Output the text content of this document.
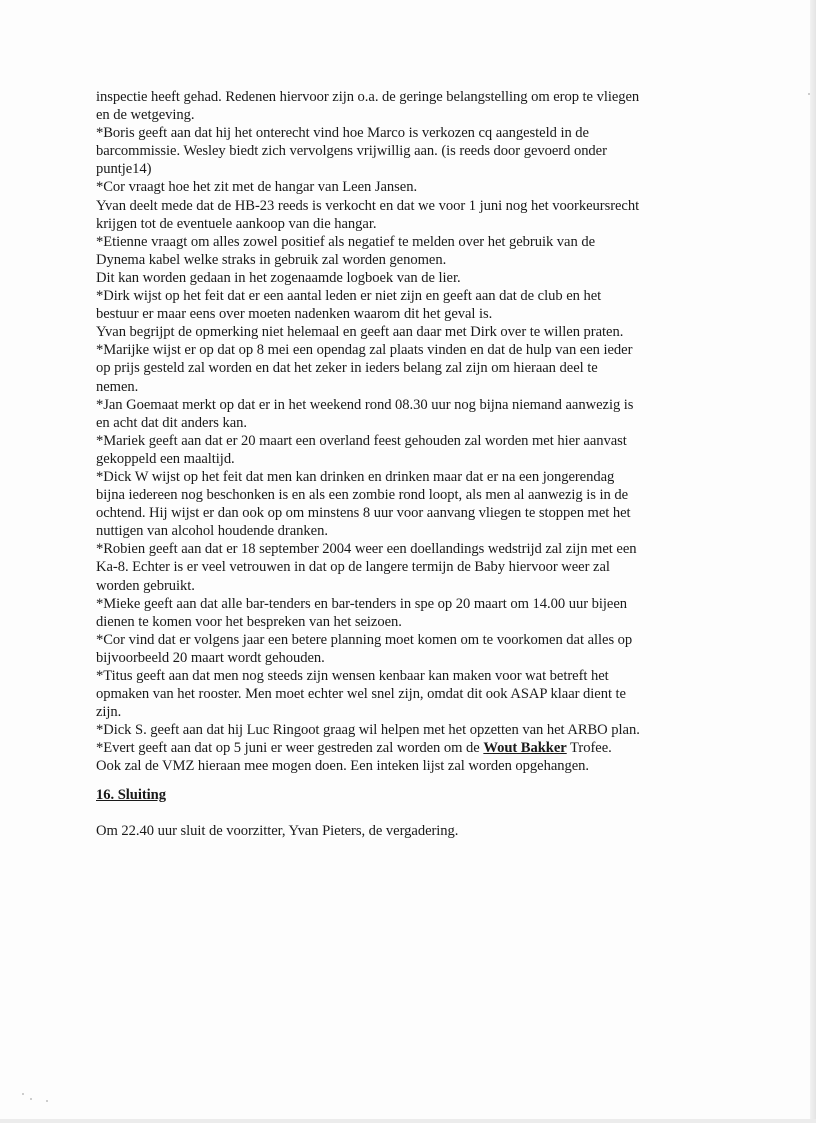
inspectie heeft gehad. Redenen hiervoor zijn o.a. de geringe belangstelling om erop te vliegen
en de wetgeving.
*Boris geeft aan dat hij het onterecht vind hoe Marco is verkozen cq aangesteld in de
barcommissie. Wesley biedt zich vervolgens vrijwillig aan. (is reeds door gevoerd onder
puntje14)
*Cor vraagt hoe het zit met de hangar van Leen Jansen.
Yvan deelt mede dat de HB-23 reeds is verkocht en dat we voor 1 juni nog het voorkeursrecht
krijgen tot de eventuele aankoop van die hangar.
*Etienne vraagt om alles zowel positief als negatief te melden over het gebruik van de
Dynema kabel welke straks in gebruik zal worden genomen.
Dit kan worden gedaan in het zogenaamde logboek van de lier.
*Dirk wijst op het feit dat er een aantal leden er niet zijn en geeft aan dat de club en het
bestuur er maar eens over moeten nadenken waarom dit het geval is.
Yvan begrijpt de opmerking niet helemaal en geeft aan daar met Dirk over te willen praten.
*Marijke wijst er op dat op 8 mei een opendag zal plaats vinden en dat de hulp van een ieder
op prijs gesteld zal worden en dat het zeker in ieders belang zal zijn om hieraan deel te
nemen.
*Jan Goemaat merkt op dat er in het weekend rond 08.30 uur nog bijna niemand aanwezig is
en acht dat dit anders kan.
*Mariek geeft aan dat er 20 maart een overland feest gehouden zal worden met hier aanvast
gekoppeld een maaltijd.
*Dick W wijst op het feit dat men kan drinken en drinken maar dat er na een jongerendag
bijna iedereen nog beschonken is en als een zombie rond loopt, als men al aanwezig is in de
ochtend. Hij wijst er dan ook op om minstens 8 uur voor aanvang vliegen te stoppen met het
nuttigen van alcohol houdende dranken.
*Robien geeft aan dat er 18 september 2004 weer een doellandings wedstrijd zal zijn met een
Ka-8. Echter is er veel vetrouwen in dat op de langere termijn de Baby hiervoor weer zal
worden gebruikt.
*Mieke geeft aan dat alle bar-tenders en bar-tenders in spe op 20 maart om 14.00 uur bijeen
dienen te komen voor het bespreken van het seizoen.
*Cor vind dat er volgens jaar een betere planning moet komen om te voorkomen dat alles op
bijvoorbeeld 20 maart wordt gehouden.
*Titus geeft aan dat men nog steeds zijn wensen kenbaar kan maken voor wat betreft het
opmaken van het rooster. Men moet echter wel snel zijn, omdat dit ook ASAP klaar dient te
zijn.
*Dick S. geeft aan dat hij Luc Ringoot graag wil helpen met het opzetten van het ARBO plan.
*Evert geeft aan dat op 5 juni er weer gestreden zal worden om de Wout Bakker Trofee.
Ook zal de VMZ hieraan mee mogen doen. Een inteken lijst zal worden opgehangen.
16. Sluiting
Om 22.40 uur sluit de voorzitter, Yvan Pieters, de vergadering.
